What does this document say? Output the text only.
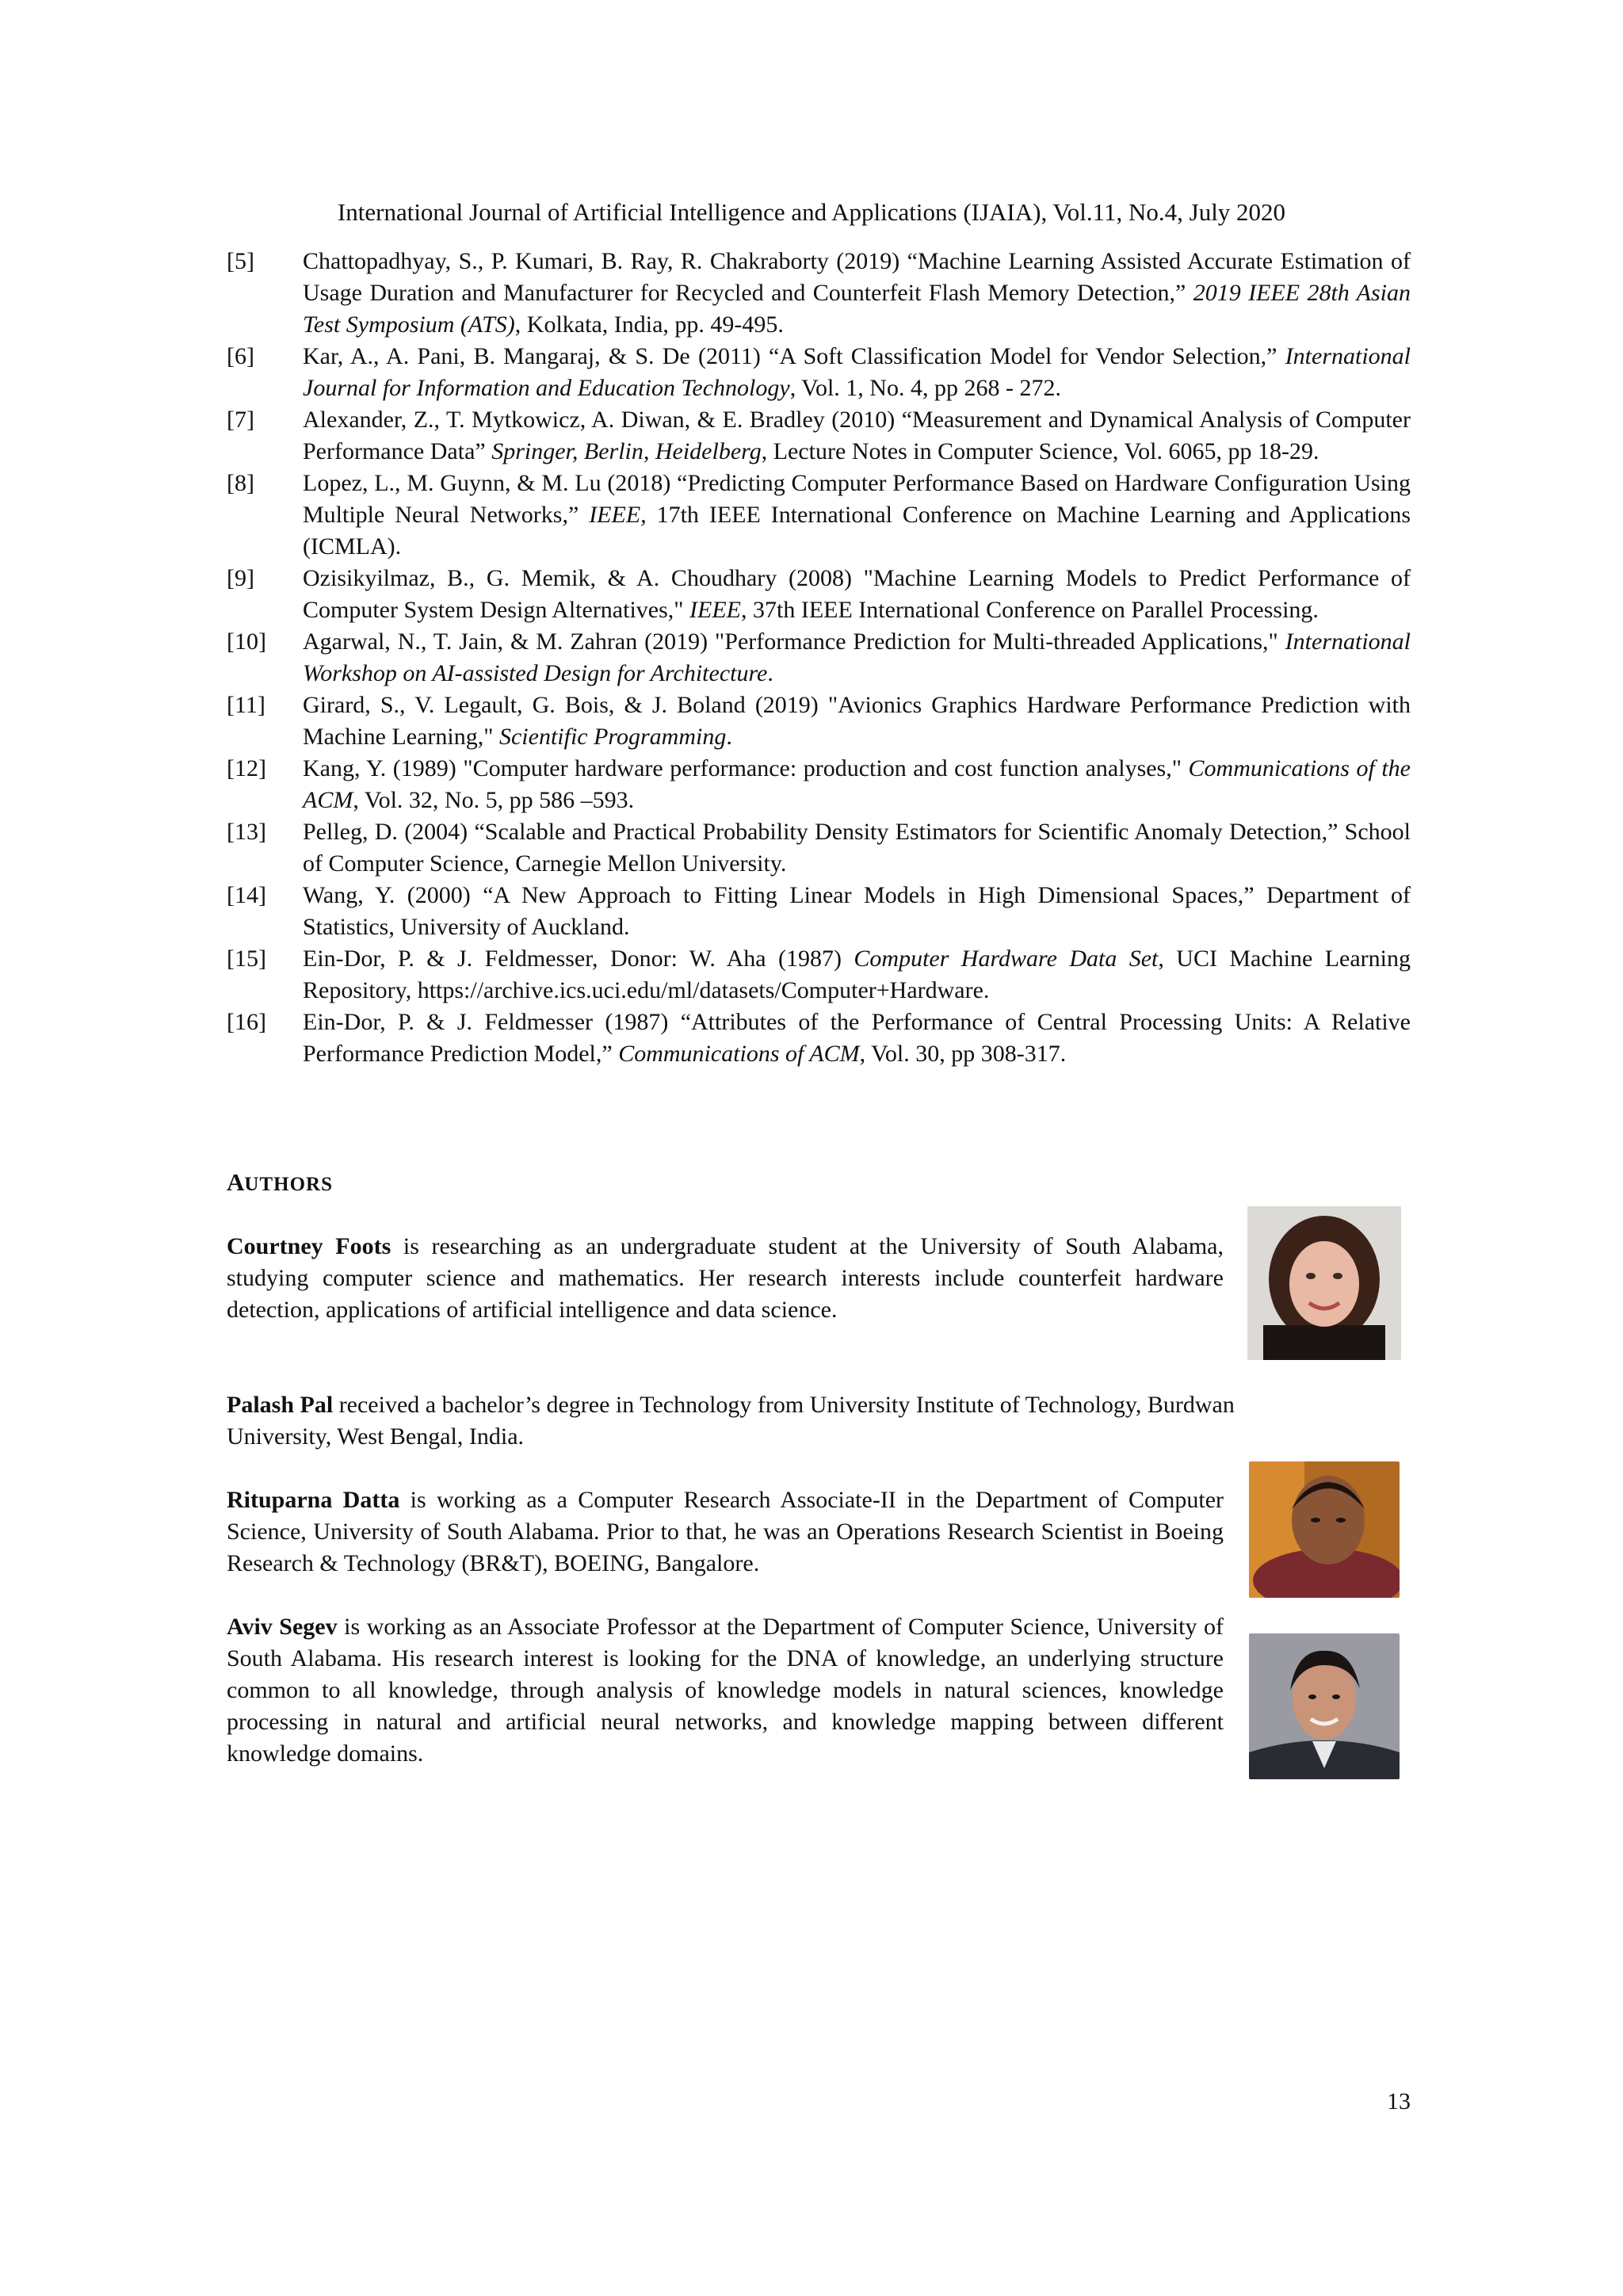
International Journal of Artificial Intelligence and Applications (IJAIA), Vol.11, No.4, July 2020

[5] Chattopadhyay, S., P. Kumari, B. Ray, R. Chakraborty (2019) “Machine Learning Assisted Accurate Estimation of Usage Duration and Manufacturer for Recycled and Counterfeit Flash Memory Detection,” 2019 IEEE 28th Asian Test Symposium (ATS), Kolkata, India, pp. 49-495.

[6] Kar, A., A. Pani, B. Mangaraj, & S. De (2011) “A Soft Classification Model for Vendor Selection,” International Journal for Information and Education Technology, Vol. 1, No. 4, pp 268 - 272.

[7] Alexander, Z., T. Mytkowicz, A. Diwan, & E. Bradley (2010) “Measurement and Dynamical Analysis of Computer Performance Data” Springer, Berlin, Heidelberg, Lecture Notes in Computer Science, Vol. 6065, pp 18-29.

[8] Lopez, L., M. Guynn, & M. Lu (2018) “Predicting Computer Performance Based on Hardware Configuration Using Multiple Neural Networks,” IEEE, 17th IEEE International Conference on Machine Learning and Applications (ICMLA).

[9] Ozisikyilmaz, B., G. Memik, & A. Choudhary (2008) "Machine Learning Models to Predict Performance of Computer System Design Alternatives," IEEE, 37th IEEE International Conference on Parallel Processing.

[10] Agarwal, N., T. Jain, & M. Zahran (2019) "Performance Prediction for Multi-threaded Applications," International Workshop on AI-assisted Design for Architecture.

[11] Girard, S., V. Legault, G. Bois, & J. Boland (2019) "Avionics Graphics Hardware Performance Prediction with Machine Learning," Scientific Programming.

[12] Kang, Y. (1989) "Computer hardware performance: production and cost function analyses," Communications of the ACM, Vol. 32, No. 5, pp 586 –593.

[13] Pelleg, D. (2004) “Scalable and Practical Probability Density Estimators for Scientific Anomaly Detection,” School of Computer Science, Carnegie Mellon University.

[14] Wang, Y. (2000) “A New Approach to Fitting Linear Models in High Dimensional Spaces,” Department of Statistics, University of Auckland.

[15] Ein-Dor, P. & J. Feldmesser, Donor: W. Aha (1987) Computer Hardware Data Set, UCI Machine Learning Repository, https://archive.ics.uci.edu/ml/datasets/Computer+Hardware.

[16] Ein-Dor, P. & J. Feldmesser (1987) “Attributes of the Performance of Central Processing Units: A Relative Performance Prediction Model,” Communications of ACM, Vol. 30, pp 308-317.

AUTHORS

Courtney Foots is researching as an undergraduate student at the University of South Alabama, studying computer science and mathematics. Her research interests include counterfeit hardware detection, applications of artificial intelligence and data science.

Palash Pal received a bachelor’s degree in Technology from University Institute of Technology, Burdwan University, West Bengal, India.

Rituparna Datta is working as a Computer Research Associate-II in the Department of Computer Science, University of South Alabama. Prior to that, he was an Operations Research Scientist in Boeing Research & Technology (BR&T), BOEING, Bangalore.

Aviv Segev is working as an Associate Professor at the Department of Computer Science, University of South Alabama. His research interest is looking for the DNA of knowledge, an underlying structure common to all knowledge, through analysis of knowledge models in natural sciences, knowledge processing in natural and artificial neural networks, and knowledge mapping between different knowledge domains.

13
